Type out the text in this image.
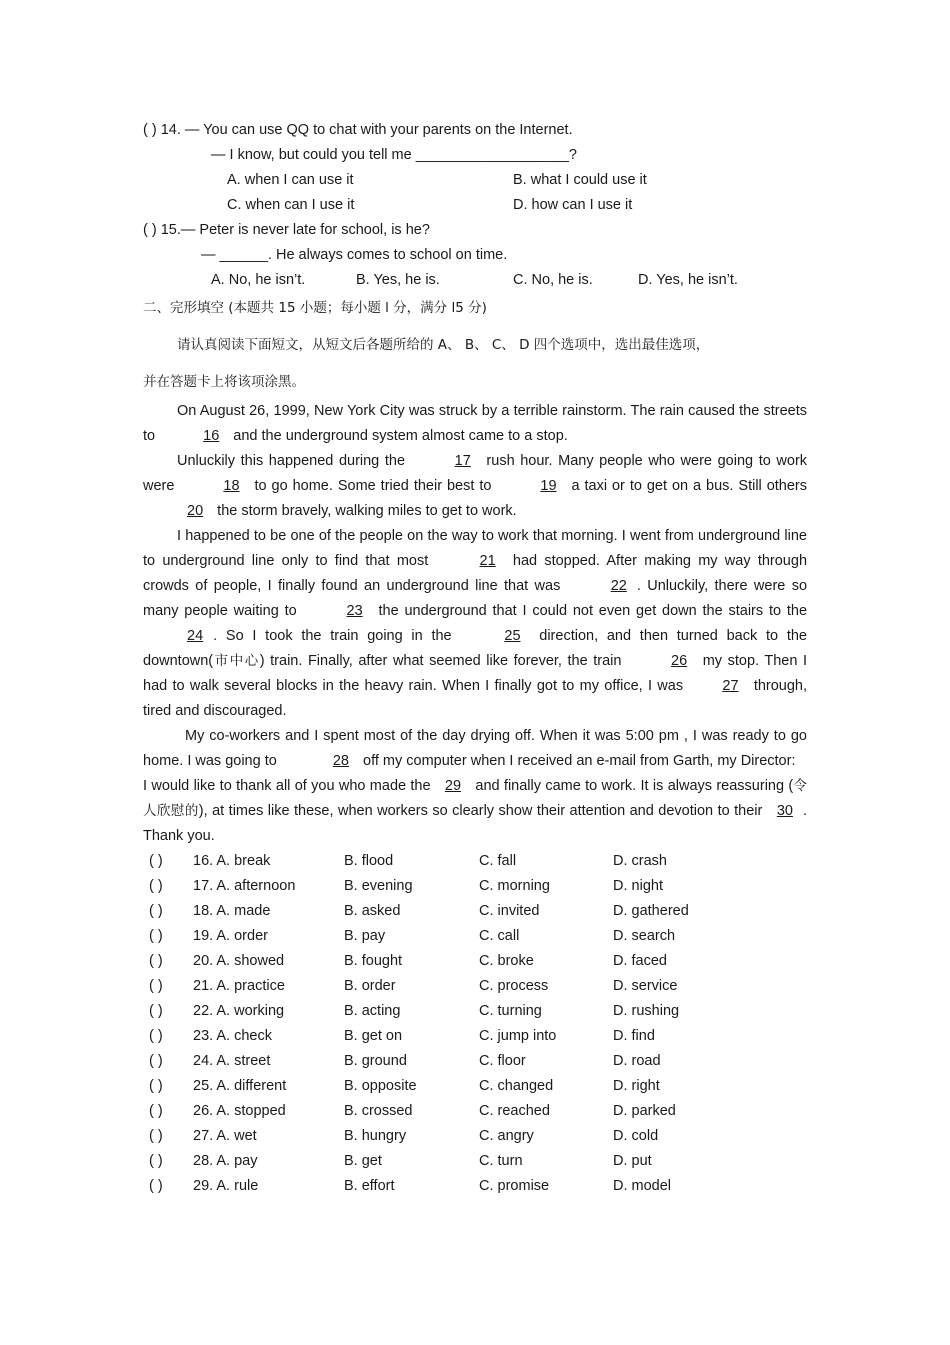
( ) 14. — You can use QQ to chat with your parents on the Internet.
— I know, but could you tell me ___________________?
A. when I can use it	B. what I could use it
C. when can I use it	D. how can I use it
( ) 15.— Peter is never late for school, is he?
— ______. He always comes to school on time.
A. No, he isn’t.	B. Yes, he is.	C. No, he is.	D. Yes, he isn’t.
二、完形填空 (本题共 15 小题；每小题 l 分，满分 l5 分)
请认真阅读下面短文，从短文后各题所给的 A、 B、 C、 D 四个选项中，选出最佳选项，
并在答题卡上将该项涂黑。

On August 26, 1999, New York City was struck by a terrible rainstorm. The rain caused the streets to	16 and the underground system almost came to a stop.

Unluckily this happened during the	17 rush hour. Many people who were going to work were	18 to go home. Some tried their best to	19 a taxi or to get on a bus. Still others 20 the storm bravely, walking miles to get to work.

I happened to be one of the people on the way to work that morning. I went from underground line to underground line only to find that most	21 had stopped. After making my way through crowds of people, I finally found an underground line that was	22 . Unluckily, there were so many people waiting to	23 the underground that I could not even get down the stairs to the 24 . So I took the train going in the	25 direction, and then turned back to the downtown(市中心) train. Finally, after what seemed like forever, the train	26 my stop. Then I had to walk several blocks in the heavy rain. When I finally got to my office, I was	27 through, tired and discouraged.

My co-workers and I spent most of the day drying off. When it was 5:00 pm , I was ready to go home. I was going to	28 off my computer when I received an e-mail from Garth, my Director:

I would like to thank all of you who made the 29 and finally came to work. It is always reassuring (令人欣慰的), at times like these, when workers so clearly show their attention and devotion to their 30 . Thank you.

( ) 16. A. break	B. flood	C. fall	D. crash
( ) 17. A. afternoon	B. evening	C. morning	D. night
( ) 18. A. made	B. asked	C. invited	D. gathered
( ) 19. A. order	B. pay	C. call	D. search
( ) 20. A. showed	B. fought	C. broke	D. faced
( ) 21. A. practice	B. order	C. process	D. service
( ) 22. A. working	B. acting	C. turning	D. rushing
( ) 23. A. check	B. get on	C. jump into	D. find
( ) 24. A. street	B. ground	C. floor	D. road
( ) 25. A. different	B. opposite	C. changed	D. right
( ) 26. A. stopped	B. crossed	C. reached	D. parked
( ) 27. A. wet	B. hungry	C. angry	D. cold
( ) 28. A. pay	B. get	C. turn	D. put
( ) 29. A. rule	B. effort	C. promise	D. model
